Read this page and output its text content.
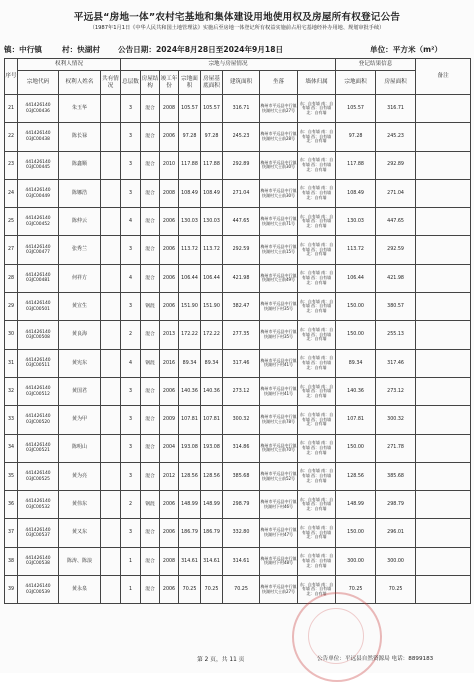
平远县“房地一体”农村宅基地和集体建设用地使用权及房屋所有权登记公告
（1987年1月1日《中华人民共和国土地管理法》实施后至房地一体登记所有权益实施前占用宅基地经补办用地、规划审批手续）
镇：中行镇	村：快湖村 公告日期：2024年8月28日至2024年9月18日	单位：平方米（m²）
序号	权利人情况			宗地与房屋情况								登记结果信息		备注
	宗地代码	权利人姓名	共有情况	总层数	房屋结构	竣工年份	宗地面积	房屋基底面积	建筑面积	坐落	墙体归属	宗地面积	房屋面积	
21	441426140
03JC00436	朱玉华		3	混合	2008	105.57	105.57	316.71	梅州市平远县中行镇快湖村大士前27号	东：自有墙 南：自有墙 西：自有墙 北：自有墙	105.57	316.71	
22	441426140
03JC00438	陈长禄		3	混合	2006	97.28	97.28	245.23	梅州市平远县中行镇快湖村大士前28号	东：自有墙 南：自有墙 西：自有墙 北：自有墙	97.28	245.23	
23	441426140
03JC00445	陈鑫顺		3	混合	2010	117.88	117.88	292.89	梅州市平远县中行镇快湖村大士前30号	东：自有墙 南：自有墙 西：自有墙 北：自有墙	117.88	292.89	
24	441426140
03JC00449	陈娜浩		3	混合	2008	108.49	108.49	271.04	梅州市平远县中行镇快湖村大士前30号	东：自有墙 南：自有墙 西：自有墙 北：自有墙	108.49	271.04	
25	441426140
03JC00452	陈仲云		4	混合	2006	130.03	130.03	447.65	梅州市平远县中行镇快湖村大士前71号	东：自有墙 南：自有墙 西：自有墙 北：自有墙	130.03	447.65	
27	441426140
03JC00477	张秀兰		3	混合	2006	113.72	113.72	292.59	梅州市平远县中行镇快湖村大士前15号	东：自有墙 南：自有墙 西：自有墙 北：自有墙	113.72	292.59	
28	441426140
03JC00481	何祥方		4	混合	2006	106.44	106.44	421.98	梅州市平远县中行镇快湖村大士前49号	东：自有墙 南：自有墙 西：自有墙 北：自有墙	106.44	421.98	
29	441426140
03JC00501	黄宣生		3	钢混	2006	151.90	151.90	382.47	梅州市平远县中行镇快湖村下村35号	东：自有墙 南：自有墙 西：自有墙 北：自有墙	150.00	380.57	
30	441426140
03JC00508	黄良海		2	混合	2013	172.22	172.22	277.35	梅州市平远县中行镇快湖村下村35号	东：自有墙 南：自有墙 西：自有墙 北：自有墙	150.00	255.13	
31	441426140
03JC00511	黄宪东		4	钢混	2016	89.34	89.34	317.46	梅州市平远县中行镇快湖村下村41号	东：自有墙 南：自有墙 西：自有墙 北：自有墙	89.34	317.46	
32	441426140
03JC00512	黄国君		3	混合	2006	140.36	140.36	273.12	梅州市平远县中行镇快湖村下村41号	东：自有墙 南：自有墙 西：自有墙 北：自有墙	140.36	273.12	
33	441426140
03JC00520	黄为甲		3	混合	2009	107.81	107.81	300.32	梅州市平远县中行镇快湖村大士前78号	东：自有墙 南：自有墙 西：自有墙 北：自有墙	107.81	300.32	
34	441426140
03JC00521	陈明山		3	混合	2004	193.08	193.08	314.86	梅州市平远县中行镇快湖村大士前70号	东：自有墙 南：自有墙 西：自有墙 北：自有墙	150.00	271.78	
35	441426140
03JC00525	黄为亮		3	混合	2012	128.56	128.56	385.68	梅州市平远县中行镇快湖村大士前52号	东：自有墙 南：自有墙 西：自有墙 北：自有墙	128.56	385.68	
36	441426140
03JC00532	黄伟东		2	钢混	2006	148.99	148.99	298.79	梅州市平远县中行镇快湖村下村46号	东：自有墙 南：自有墙 西：自有墙 北：自有墙	148.99	298.79	
37	441426140
03JC00537	黄又东		3	混合	2006	186.79	186.79	332.80	梅州市平远县中行镇快湖村下村47号	东：自有墙 南：自有墙 西：自有墙 北：自有墙	150.00	296.01	
38	441426140
03JC00538	陈涛、陈浪		1	混合	2008	314.61	314.61	314.61	梅州市平远县中行镇快湖村下村48号	东：自有墙 南：自有墙 西：自有墙 北：自有墙	300.00	300.00	
39	441426140
03JC00539	黄永泉		1	混合	2006	70.25	70.25	70.25	梅州市平远县中行镇快湖村大士前27号	东：自有墙 南：自有墙 西：自有墙 北：自有墙	70.25	70.25	
第 2 页，共 11 页	公告单位：平远县自然资源局 电话：8899183
